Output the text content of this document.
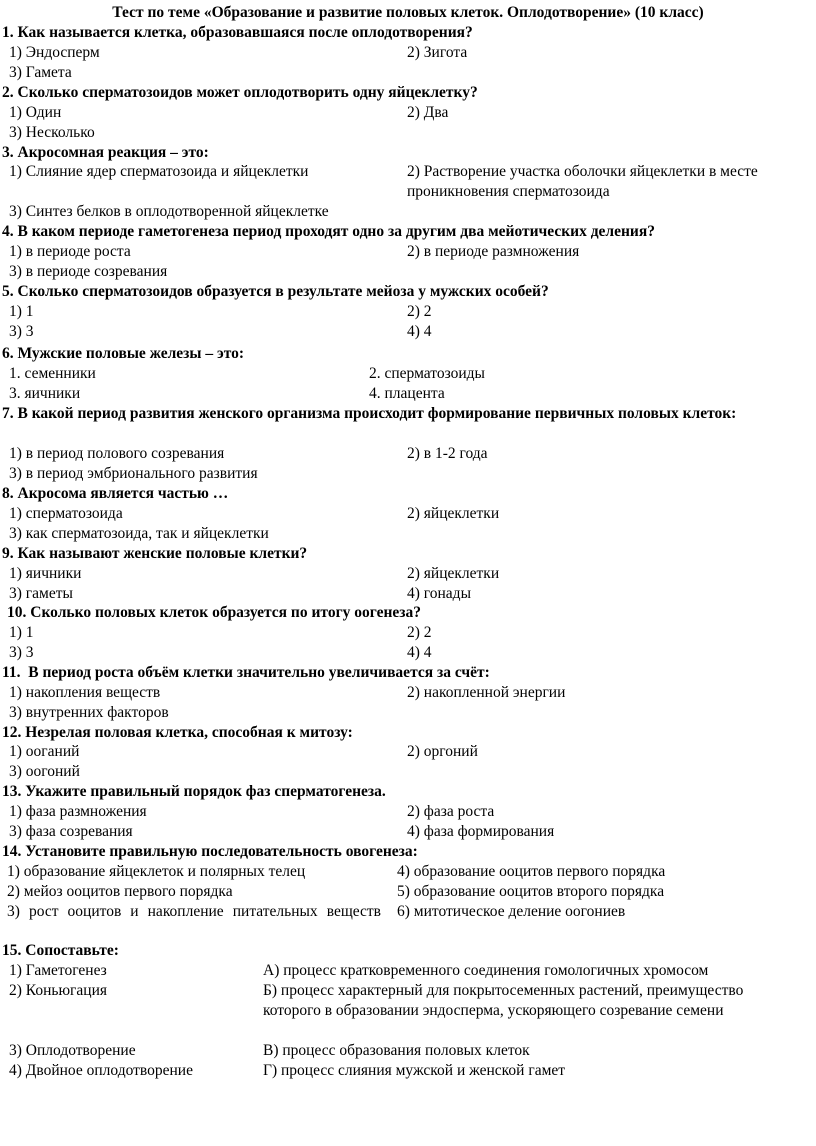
Тест по теме «Образование и развитие половых клеток. Оплодотворение» (10 класс)
1. Как называется клетка, образовавшаяся после оплодотворения?
1) Эндосперм	2) Зигота
3) Гамета
2. Сколько сперматозоидов может оплодотворить одну яйцеклетку?
1) Один	2) Два
3) Несколько
3. Акросомная реакция – это:
1) Слияние ядер сперматозоида и яйцеклетки	2) Растворение участка оболочки яйцеклетки в месте проникновения сперматозоида
3) Синтез белков в оплодотворенной яйцеклетке
4. В каком периоде гаметогенеза период проходят одно за другим два мейотических деления?
1) в периоде роста	2) в периоде размножения
3) в периоде созревания
5. Сколько сперматозоидов образуется в результате мейоза у мужских особей?
1) 1	2) 2
3) 3	4) 4
6. Мужские половые железы – это:
1. семенники	2. сперматозоиды
3. яичники	4. плацента
7. В какой период развития женского организма происходит формирование первичных половых клеток:
1) в период полового созревания	2) в 1-2 года
3) в период эмбрионального развития
8. Акросома является частью …
1) сперматозоида	2) яйцеклетки
3) как сперматозоида, так и яйцеклетки
9. Как называют женские половые клетки?
1) яичники	2) яйцеклетки
3) гаметы	4) гонады
10. Сколько половых клеток образуется по итогу оогенеза?
1) 1	2) 2
3) 3	4) 4
11.  В период роста объём клетки значительно увеличивается за счёт:
1) накопления веществ	2) накопленной энергии
3) внутренних факторов
12. Незрелая половая клетка, способная к митозу:
1) ооганий	2) оргоний
3) оогоний
13. Укажите правильный порядок фаз сперматогенеза.
1) фаза размножения	2) фаза роста
3) фаза созревания	4) фаза формирования
14. Установите правильную последовательность овогенеза:
1) образование яйцеклеток и полярных телец	4) образование ооцитов первого порядка
2) мейоз ооцитов первого порядка	5) образование ооцитов второго порядка
3) рост ооцитов и накопление питательных веществ 6) митотическое деление оогониев
15. Сопоставьте:
1) Гаметогенез	А) процесс кратковременного соединения гомологичных хромосом
2) Коньюгация	Б) процесс характерный для покрытосеменных растений, преимущество которого в образовании эндосперма, ускоряющего созревание семени
3) Оплодотворение	В) процесс образования половых клеток
4) Двойное оплодотворение	Г) процесс слияния мужской и женской гамет
